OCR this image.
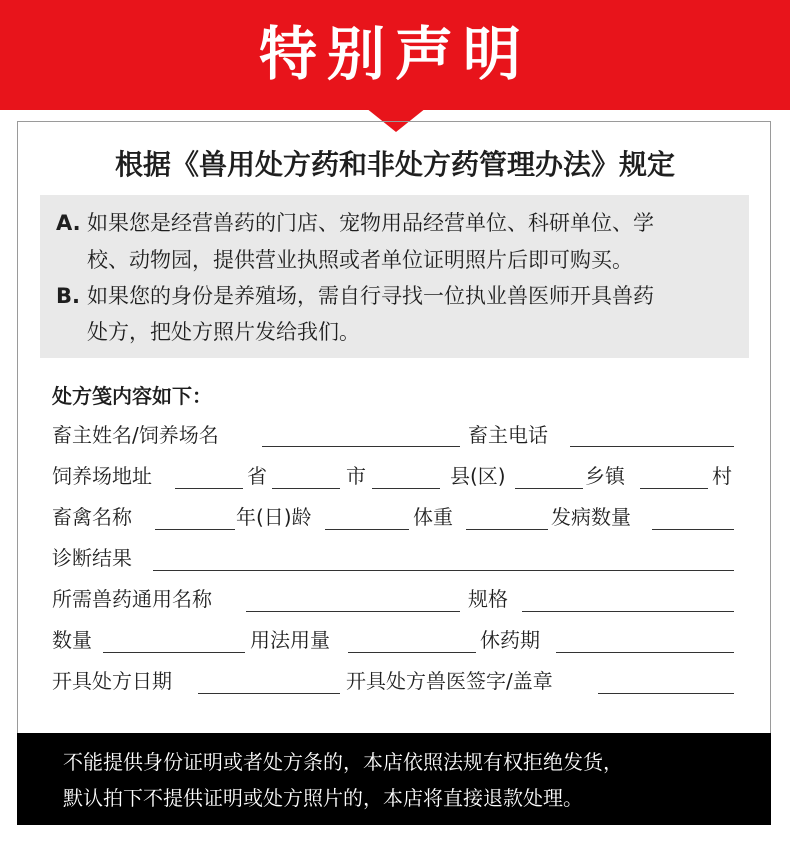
特别声明
根据《兽用处方药和非处方药管理办法》规定
A. 如果您是经营兽药的门店、宠物用品经营单位、科研单位、学
校、动物园，提供营业执照或者单位证明照片后即可购买。
B. 如果您的身份是养殖场，需自行寻找一位执业兽医师开具兽药
处方，把处方照片发给我们。
处方笺内容如下：
畜主姓名/饲养场名	畜主电话
饲养场地址	省	市	县(区)	乡镇	村
畜禽名称	年(日)龄	体重	发病数量
诊断结果
所需兽药通用名称	规格
数量	用法用量	休药期
开具处方日期	开具处方兽医签字/盖章
不能提供身份证明或者处方条的，本店依照法规有权拒绝发货，
默认拍下不提供证明或处方照片的，本店将直接退款处理。
